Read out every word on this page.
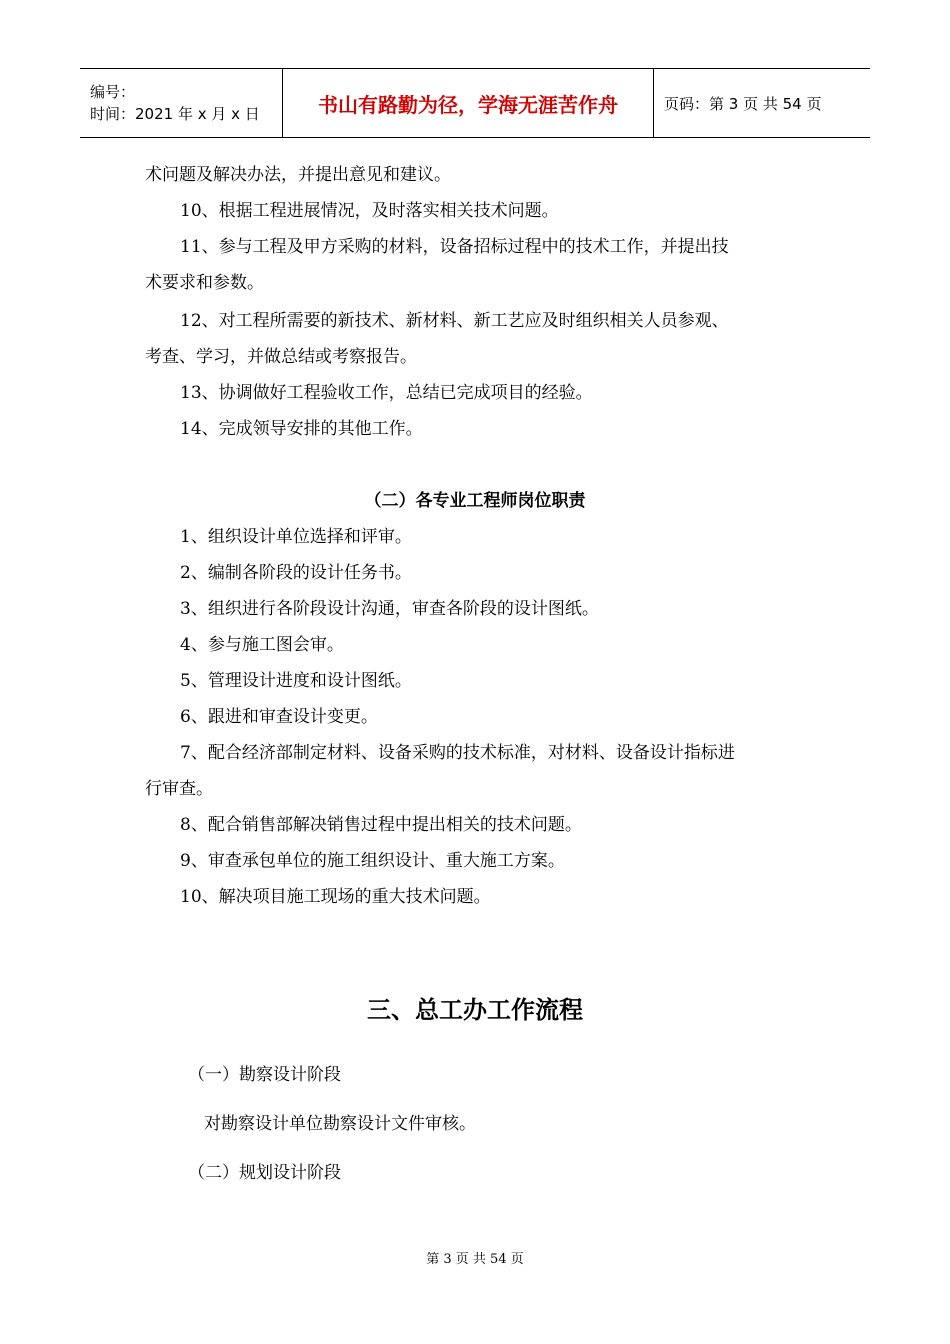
编号：
时间：2021 年 x 月 x 日	书山有路勤为径，学海无涯苦作舟	页码：第 3 页 共 54 页
术问题及解决办法，并提出意见和建议。
10、根据工程进展情况，及时落实相关技术问题。
11、参与工程及甲方采购的材料，设备招标过程中的技术工作，并提出技
术要求和参数。
12、对工程所需要的新技术、新材料、新工艺应及时组织相关人员参观、
考查、学习，并做总结或考察报告。
13、协调做好工程验收工作，总结已完成项目的经验。
14、完成领导安排的其他工作。
（二）各专业工程师岗位职责
1、组织设计单位选择和评审。
2、编制各阶段的设计任务书。
3、组织进行各阶段设计沟通，审查各阶段的设计图纸。
4、参与施工图会审。
5、管理设计进度和设计图纸。
6、跟进和审查设计变更。
7、配合经济部制定材料、设备采购的技术标准，对材料、设备设计指标进
行审查。
8、配合销售部解决销售过程中提出相关的技术问题。
9、审查承包单位的施工组织设计、重大施工方案。
10、解决项目施工现场的重大技术问题。
三、总工办工作流程
（一）勘察设计阶段
对勘察设计单位勘察设计文件审核。
（二）规划设计阶段
第 3 页 共 54 页
